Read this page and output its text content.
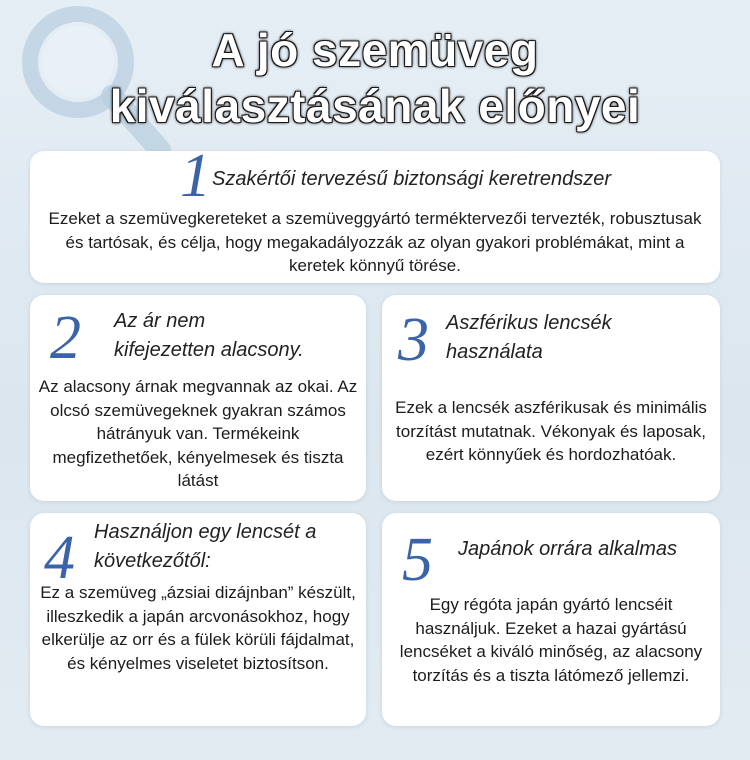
A jó szemüveg
kiválasztásának előnyei
1 Szakértői tervezésű biztonsági keretrendszer
Ezeket a szemüvegkereteket a szemüveggyártó terméktervezői tervezték, robusztusak és tartósak, és célja, hogy megakadályozzák az olyan gyakori problémákat, mint a keretek könnyű törése.
2 Az ár nem kifejezetten alacsony.
Az alacsony árnak megvannak az okai. Az olcsó szemüvegeknek gyakran számos hátrányuk van. Termékeink megfizethetőek, kényelmesek és tiszta látást
3 Aszférikus lencsék használata
Ezek a lencsék aszférikusak és minimális torzítást mutatnak. Vékonyak és laposak, ezért könnyűek és hordozhatóak.
4 Használjon egy lencsét a következőtől:
Ez a szemüveg „ázsiai dizájnban” készült, illeszkedik a japán arcvonásokhoz, hogy elkerülje az orr és a fülek körüli fájdalmat, és kényelmes viseletet biztosítson.
5 Japánok orrára alkalmas
Egy régóta japán gyártó lencséit használjuk. Ezeket a hazai gyártású lencséket a kiváló minőség, az alacsony torzítás és a tiszta látómező jellemzi.
